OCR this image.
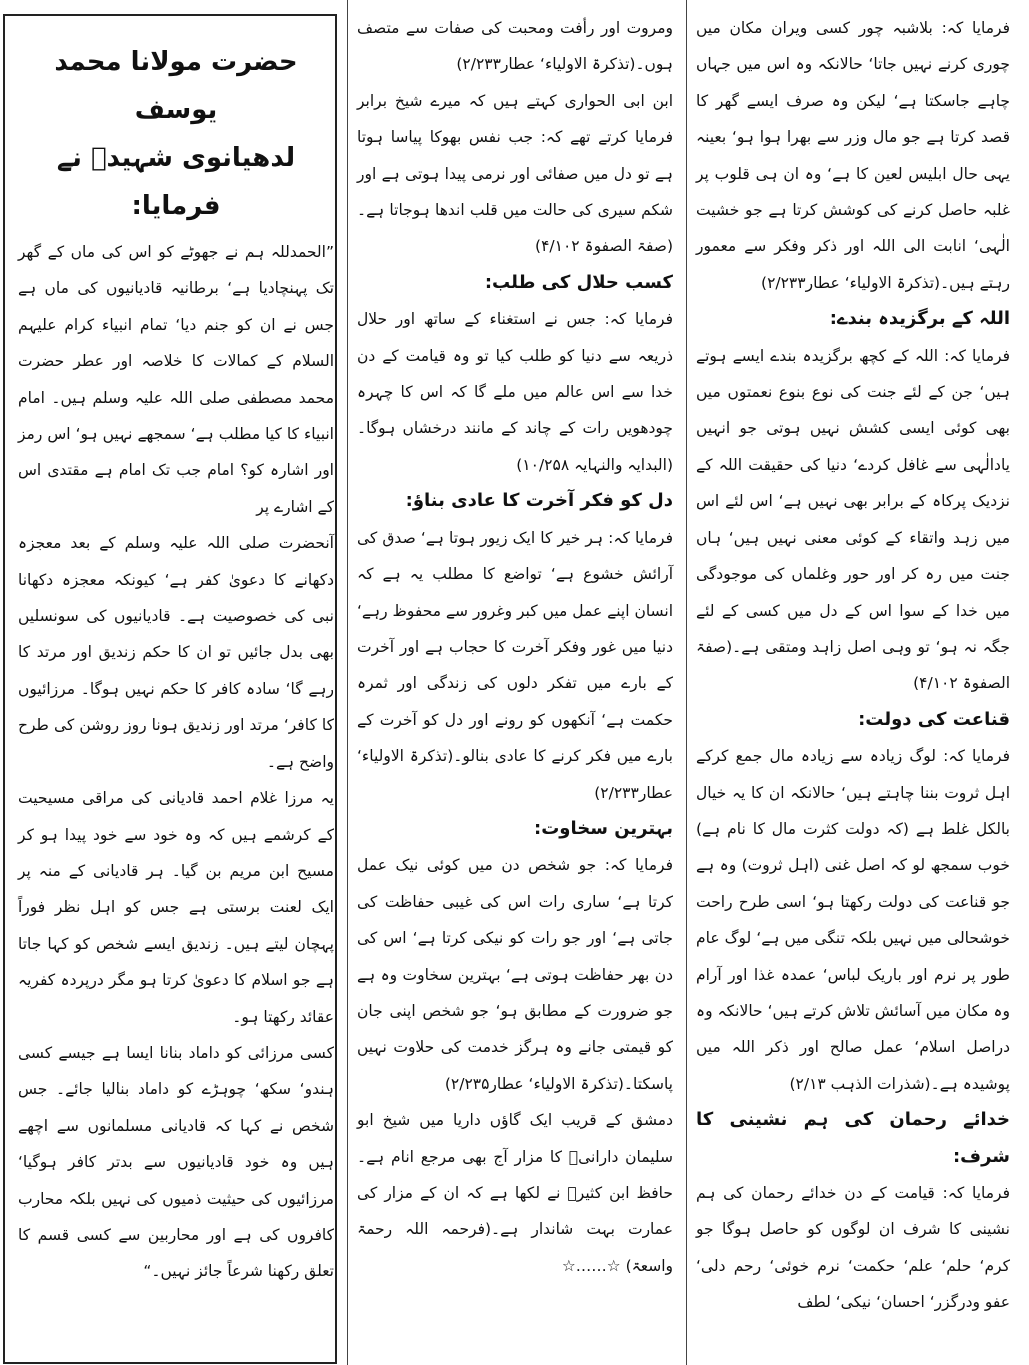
فرمایا کہ: بلاشبہ چور کسی ویران مکان میں چوری کرنے نہیں جاتا‘ حالانکہ وہ اس میں جہاں چاہے جاسکتا ہے‘ لیکن وہ صرف ایسے گھر کا قصد کرتا ہے جو مال وزر سے بھرا ہوا ہو‘ بعینہ یہی حال ابلیس لعین کا ہے‘ وہ ان ہی قلوب پر غلبہ حاصل کرنے کی کوشش کرتا ہے جو خشیت الٰہی‘ انابت الی اللہ اور ذکر وفکر سے معمور رہتے ہیں۔(تذکرۃ الاولیاء‘ عطار۲/۲۳۳)

اللہ کے برگزیدہ بندے:

فرمایا کہ: اللہ کے کچھ برگزیدہ بندے ایسے ہوتے ہیں‘ جن کے لئے جنت کی نوع بنوع نعمتوں میں بھی کوئی ایسی کشش نہیں ہوتی جو انہیں یادالٰہی سے غافل کردے‘ دنیا کی حقیقت اللہ کے نزدیک پرکاہ کے برابر بھی نہیں ہے‘ اس لئے اس میں زہد واتقاء کے کوئی معنی نہیں ہیں‘ ہاں جنت میں رہ کر اور حور وغلماں کی موجودگی میں خدا کے سوا اس کے دل میں کسی کے لئے جگہ نہ ہو‘ تو وہی اصل زاہد ومتقی ہے۔(صفۃ الصفوۃ ۴/۱۰۲)

قناعت کی دولت:

فرمایا کہ: لوگ زیادہ سے زیادہ مال جمع کرکے اہل ثروت بننا چاہتے ہیں‘ حالانکہ ان کا یہ خیال بالکل غلط ہے (کہ دولت کثرت مال کا نام ہے) خوب سمجھ لو کہ اصل غنی (اہل ثروت) وہ ہے جو قناعت کی دولت رکھتا ہو‘ اسی طرح راحت خوشحالی میں نہیں بلکہ تنگی میں ہے‘ لوگ عام طور پر نرم اور باریک لباس‘ عمدہ غذا اور آرام وہ مکان میں آسائش تلاش کرتے ہیں‘ حالانکہ وہ دراصل اسلام‘ عمل صالح اور ذکر اللہ میں پوشیدہ ہے۔(شذرات الذہب ۲/۱۳)

خدائے رحمان کی ہم نشینی کا شرف:

فرمایا کہ: قیامت کے دن خدائے رحمان کی ہم نشینی کا شرف ان لوگوں کو حاصل ہوگا جو کرم‘ حلم‘ علم‘ حکمت‘ نرم خوئی‘ رحم دلی‘ عفو ودرگزر‘ احسان‘ نیکی‘ لطف

ومروت اور رأفت ومحبت کی صفات سے متصف ہوں۔(تذکرۃ الاولیاء‘ عطار۲/۲۳۳)

ابن ابی الحواری کہتے ہیں کہ میرے شیخ برابر فرمایا کرتے تھے کہ: جب نفس بھوکا پیاسا ہوتا ہے تو دل میں صفائی اور نرمی پیدا ہوتی ہے اور شکم سیری کی حالت میں قلب اندھا ہوجاتا ہے۔(صفۃ الصفوۃ ۴/۱۰۲)

کسب حلال کی طلب:

فرمایا کہ: جس نے استغناء کے ساتھ اور حلال ذریعہ سے دنیا کو طلب کیا تو وہ قیامت کے دن خدا سے اس عالم میں ملے گا کہ اس کا چہرہ چودھویں رات کے چاند کے مانند درخشاں ہوگا۔(البدایہ والنہایہ ۱۰/۲۵۸)

دل کو فکر آخرت کا عادی بناؤ:

فرمایا کہ: ہر خیر کا ایک زیور ہوتا ہے‘ صدق کی آرائش خشوع ہے‘ تواضع کا مطلب یہ ہے کہ انسان اپنے عمل میں کبر وغرور سے محفوظ رہے‘ دنیا میں غور وفکر آخرت کا حجاب ہے اور آخرت کے بارے میں تفکر دلوں کی زندگی اور ثمرہ حکمت ہے‘ آنکھوں کو رونے اور دل کو آخرت کے بارے میں فکر کرنے کا عادی بنالو۔(تذکرۃ الاولیاء‘ عطار۲/۲۳۳)

بہترین سخاوت:

فرمایا کہ: جو شخص دن میں کوئی نیک عمل کرتا ہے‘ ساری رات اس کی غیبی حفاظت کی جاتی ہے‘ اور جو رات کو نیکی کرتا ہے‘ اس کی دن بھر حفاظت ہوتی ہے‘ بہترین سخاوت وہ ہے جو ضرورت کے مطابق ہو‘ جو شخص اپنی جان کو قیمتی جانے وہ ہرگز خدمت کی حلاوت نہیں پاسکتا۔(تذکرۃ الاولیاء‘ عطار۲/۲۳۵)

دمشق کے قریب ایک گاؤں داریا میں شیخ ابو سلیمان دارانیؒ کا مزار آج بھی مرجع انام ہے۔ حافظ ابن کثیرؒ نے لکھا ہے کہ ان کے مزار کی عمارت بہت شاندار ہے۔(فرحمہ اللہ رحمۃ واسعۃ) ☆……☆

حضرت مولانا محمد یوسف
لدھیانوی شہیدؒ نے فرمایا:

”الحمدللہ ہم نے جھوٹے کو اس کی ماں کے گھر تک پہنچادیا ہے‘ برطانیہ قادیانیوں کی ماں ہے جس نے ان کو جنم دیا‘ تمام انبیاء کرام علیہم السلام کے کمالات کا خلاصہ اور عطر حضرت محمد مصطفی صلی اللہ علیہ وسلم ہیں۔ امام انبیاء کا کیا مطلب ہے‘ سمجھے نہیں ہو‘ اس رمز اور اشارہ کو؟ امام جب تک امام ہے مقتدی اس کے اشارے پر

آنحضرت صلی اللہ علیہ وسلم کے بعد معجزہ دکھانے کا دعویٰ کفر ہے‘ کیونکہ معجزہ دکھانا نبی کی خصوصیت ہے۔ قادیانیوں کی سونسلیں بھی بدل جائیں تو ان کا حکم زندیق اور مرتد کا رہے گا‘ سادہ کافر کا حکم نہیں ہوگا۔ مرزائیوں کا کافر‘ مرتد اور زندیق ہونا روز روشن کی طرح واضح ہے۔

یہ مرزا غلام احمد قادیانی کی مراقی مسیحیت کے کرشمے ہیں کہ وہ خود سے خود پیدا ہو کر مسیح ابن مریم بن گیا۔ ہر قادیانی کے منہ پر ایک لعنت برستی ہے جس کو اہل نظر فوراً پہچان لیتے ہیں۔ زندیق ایسے شخص کو کہا جاتا ہے جو اسلام کا دعویٰ کرتا ہو مگر درپردہ کفریہ عقائد رکھتا ہو۔

کسی مرزائی کو داماد بنانا ایسا ہے جیسے کسی ہندو‘ سکھ‘ چوہڑے کو داماد بنالیا جائے۔ جس شخص نے کہا کہ قادیانی مسلمانوں سے اچھے ہیں وہ خود قادیانیوں سے بدتر کافر ہوگیا‘ مرزائیوں کی حیثیت ذمیوں کی نہیں بلکہ محارب کافروں کی ہے اور محاربین سے کسی قسم کا تعلق رکھنا شرعاً جائز نہیں۔“
